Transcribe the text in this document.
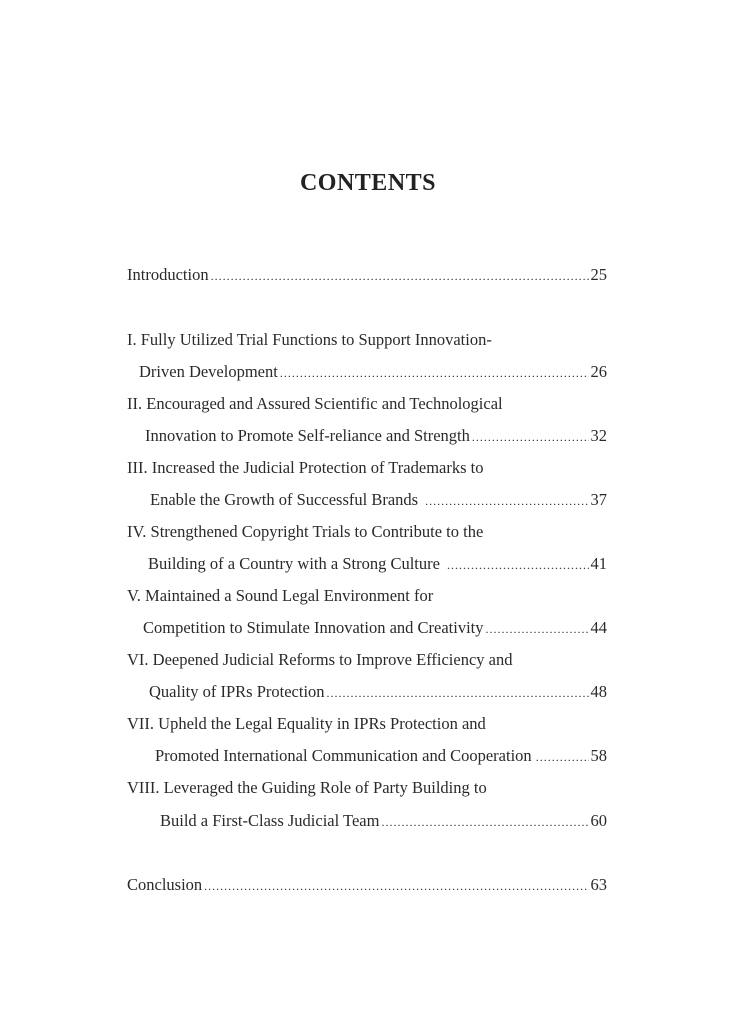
CONTENTS
Introduction .....	25
I. Fully Utilized Trial Functions to Support Innovation-
Driven Development .....	26
II. Encouraged and Assured Scientific and Technological
Innovation to Promote Self-reliance and Strength .....	32
III. Increased the Judicial Protection of Trademarks to
Enable the Growth of Successful Brands .....	37
IV. Strengthened Copyright Trials to Contribute to the
Building of a Country with a Strong Culture .....	41
V. Maintained a Sound Legal Environment for
Competition to Stimulate Innovation and Creativity .....	44
VI. Deepened Judicial Reforms to Improve Efficiency and
Quality of IPRs Protection .....	48
VII. Upheld the Legal Equality in IPRs Protection and
Promoted International Communication and Cooperation .....	58
VIII. Leveraged the Guiding Role of Party Building to
Build a First-Class Judicial Team .....	60
Conclusion .....	63
